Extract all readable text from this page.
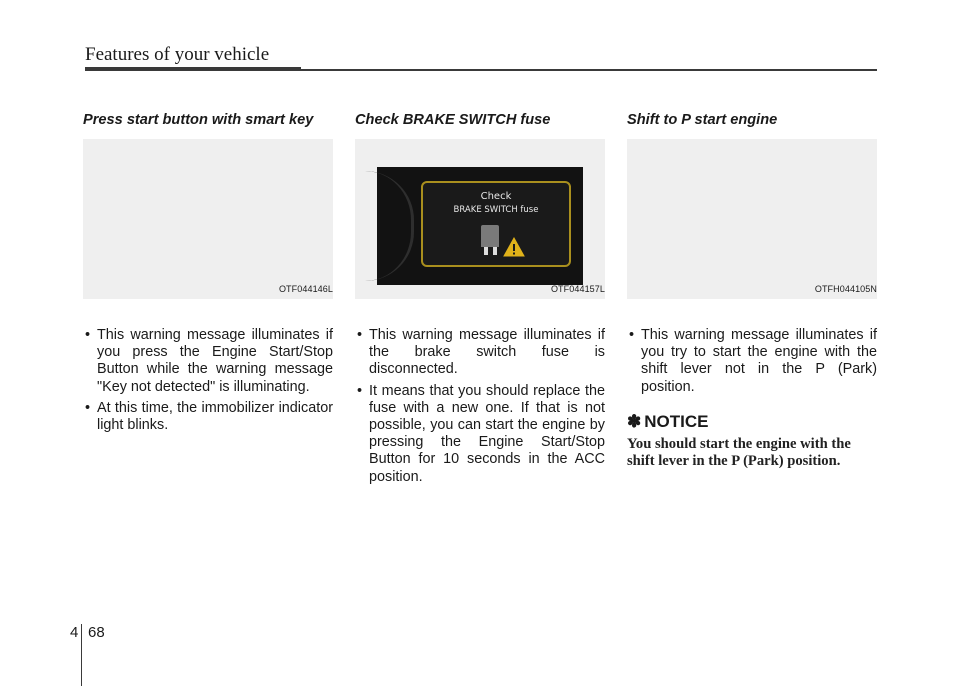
Features of your vehicle
Press start button with smart key
OTF044146L
• This warning message illuminates if you press the Engine Start/Stop Button while the warning message "Key not detected" is illuminating.
• At this time, the immobilizer indicator light blinks.
Check BRAKE SWITCH fuse
Check
BRAKE SWITCH fuse
OTF044157L
• This warning message illuminates if the brake switch fuse is disconnected.
• It means that you should replace the fuse with a new one. If that is not possible, you can start the engine by pressing the Engine Start/Stop Button for 10 seconds in the ACC position.
Shift to P start engine
OTFH044105N
• This warning message illuminates if you try to start the engine with the shift lever not in the P (Park) position.
✽ NOTICE
You should start the engine with the shift lever in the P (Park) position.
4 68
